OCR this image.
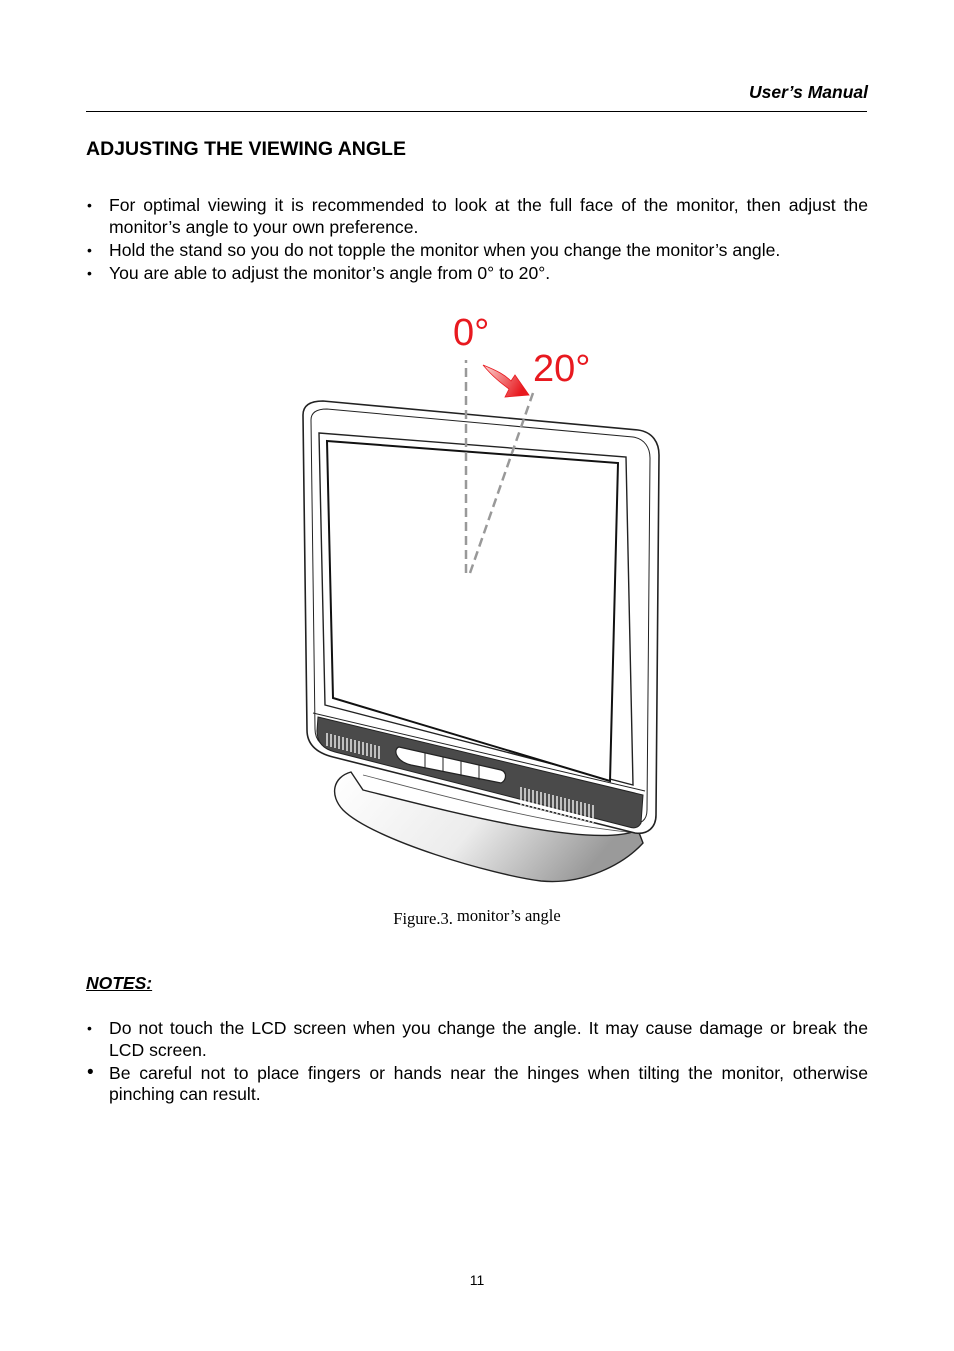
User’s Manual
ADJUSTING THE VIEWING ANGLE
• For optimal viewing it is recommended to look at the full face of the monitor, then adjust the monitor’s angle to your own preference.
• Hold the stand so you do not topple the monitor when you change the monitor’s angle.
• You are able to adjust the monitor’s angle from 0° to 20°.
0°
20°
Figure.3. monitor’s angle
NOTES:
• Do not touch the LCD screen when you change the angle. It may cause damage or break the LCD screen.
• Be careful not to place fingers or hands near the hinges when tilting the monitor, otherwise pinching can result.
11
